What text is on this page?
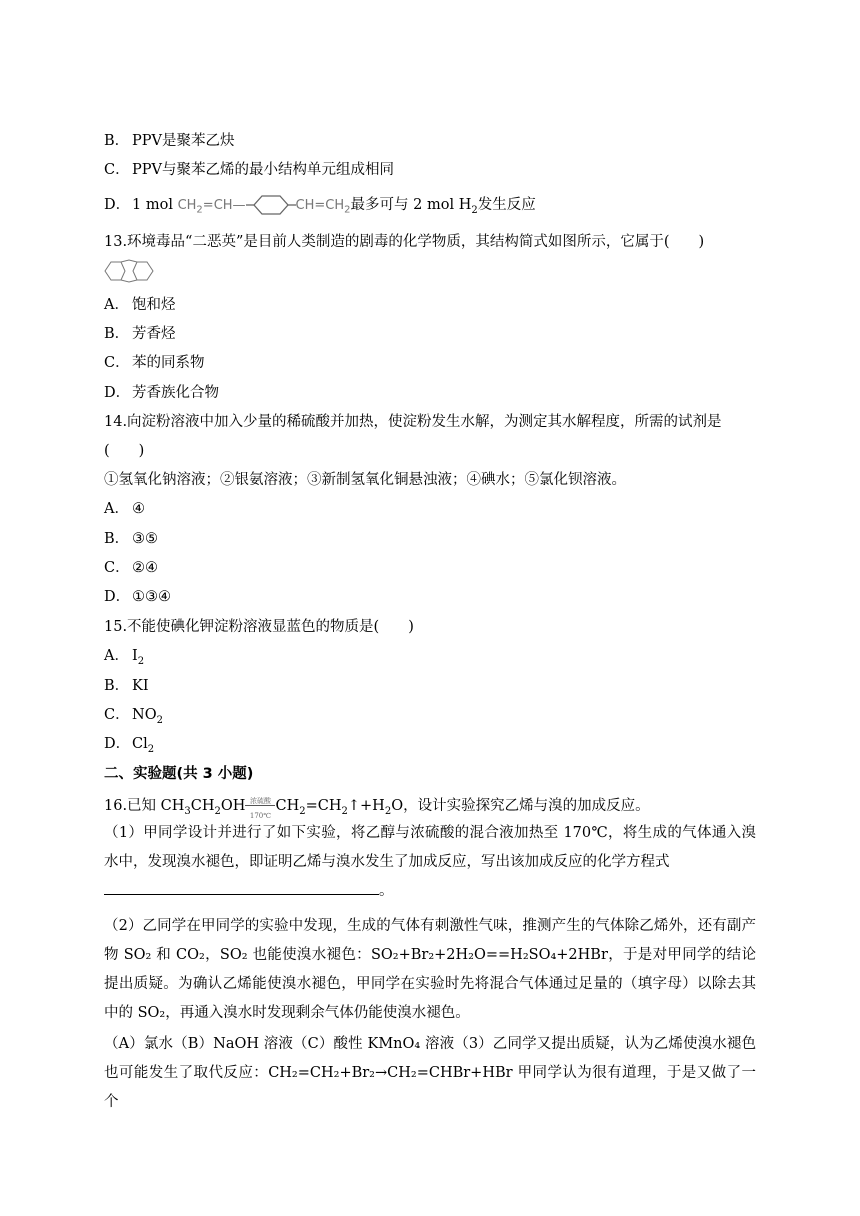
B． PPV是聚苯乙炔
C． PPV与聚苯乙烯的最小结构单元组成相同
D． 1 mol $CH_2=CH—$	$CH=CH_2$最多可与 2 mol $H_2$发生反应
13.环境毒品“二恶英”是目前人类制造的剧毒的化学物质，其结构简式如图所示，它属于(　　)
A． 饱和烃
B． 芳香烃
C． 苯的同系物
D． 芳香族化合物
14.向淀粉溶液中加入少量的稀硫酸并加热，使淀粉发生水解，为测定其水解程度，所需的试剂是
(　　)
①氢氧化钠溶液；②银氨溶液；③新制氢氧化铜悬浊液；④碘水；⑤氯化钡溶液。
A． ④
B． ③⑤
C． ②④
D． ①③④
15.不能使碘化钾淀粉溶液显蓝色的物质是(　　)
A． $I_2$
B． KI
C． $NO_2$
D． $Cl_2$
二、实验题(共 3 小题)
16.已知 $CH_3CH_2OH$ 浓硫酸
170℃
$CH_2=CH_2↑+H_2O$，设计实验探究乙烯与溴的加成反应。
（1）甲同学设计并进行了如下实验，将乙醇与浓硫酸的混合液加热至 170℃，将生成的气体通入溴水中，发现溴水褪色，即证明乙烯与溴水发生了加成反应，写出该加成反应的化学方程式
。
（2）乙同学在甲同学的实验中发现，生成的气体有刺激性气味，推测产生的气体除乙烯外，还有副产物 SO₂ 和 CO₂，SO₂ 也能使溴水褪色：SO₂+Br₂+2H₂O==H₂SO₄+2HBr，于是对甲同学的结论提出质疑。为确认乙烯能使溴水褪色，甲同学在实验时先将混合气体通过足量的（填字母）以除去其中的 SO₂，再通入溴水时发现剩余气体仍能使溴水褪色。
（A）氯水（B）NaOH 溶液（C）酸性 KMnO₄ 溶液（3）乙同学又提出质疑，认为乙烯使溴水褪色也可能发生了取代反应：CH₂=CH₂+Br₂→CH₂=CHBr+HBr 甲同学认为很有道理，于是又做了一个
